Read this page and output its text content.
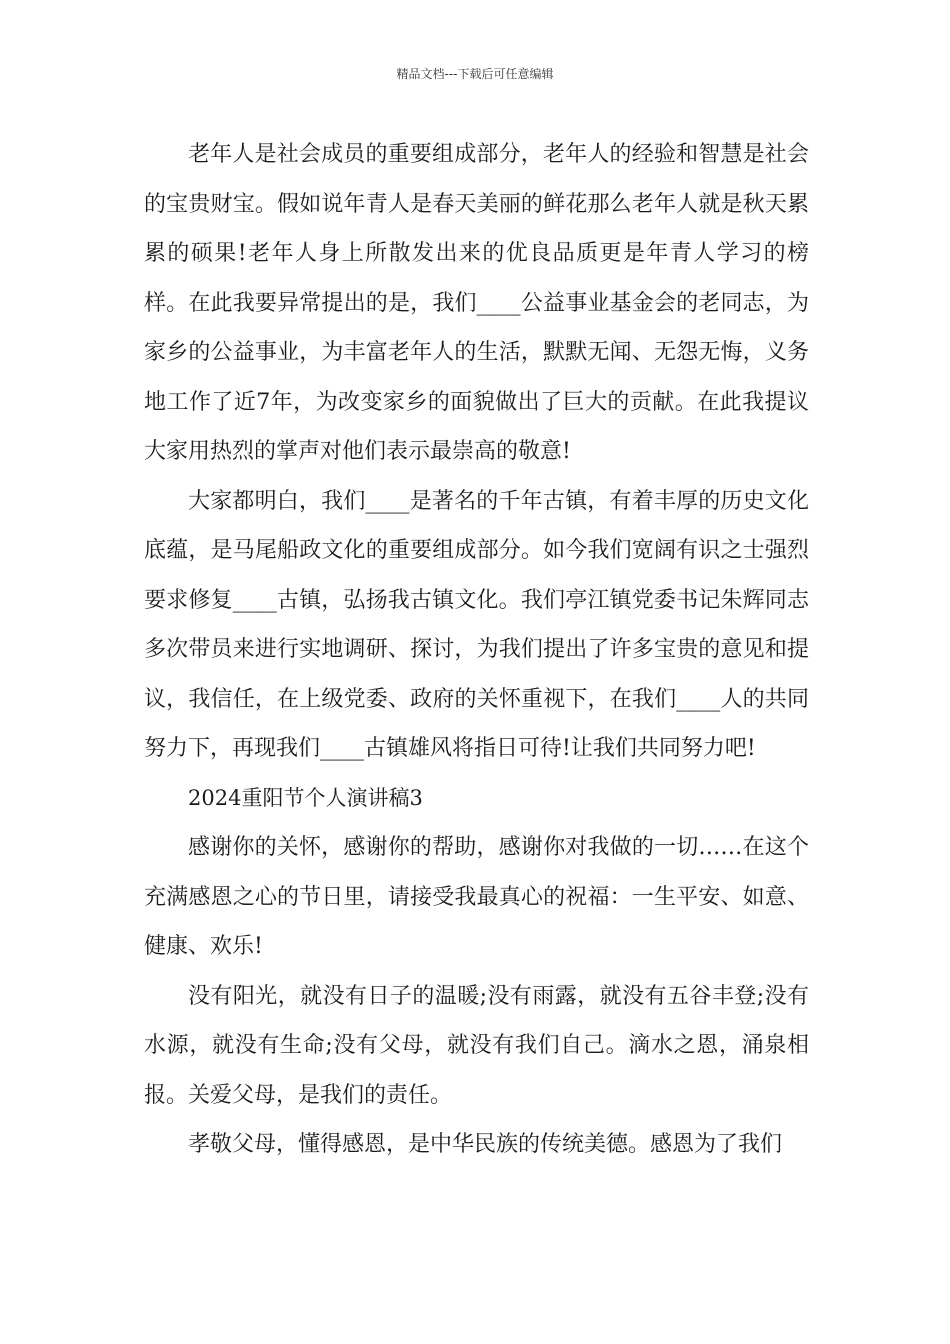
精品文档---下载后可任意编辑

老年人是社会成员的重要组成部分，老年人的经验和智慧是社会的宝贵财宝。假如说年青人是春天美丽的鲜花那么老年人就是秋天累累的硕果!老年人身上所散发出来的优良品质更是年青人学习的榜样。在此我要异常提出的是，我们____公益事业基金会的老同志，为家乡的公益事业，为丰富老年人的生活，默默无闻、无怨无悔，义务地工作了近7年，为改变家乡的面貌做出了巨大的贡献。在此我提议大家用热烈的掌声对他们表示最崇高的敬意!

大家都明白，我们____是著名的千年古镇，有着丰厚的历史文化底蕴，是马尾船政文化的重要组成部分。如今我们宽阔有识之士强烈要求修复____古镇，弘扬我古镇文化。我们亭江镇党委书记朱辉同志多次带员来进行实地调研、探讨，为我们提出了许多宝贵的意见和提议，我信任，在上级党委、政府的关怀重视下，在我们____人的共同努力下，再现我们____古镇雄风将指日可待!让我们共同努力吧!

2024重阳节个人演讲稿3

感谢你的关怀，感谢你的帮助，感谢你对我做的一切……在这个充满感恩之心的节日里，请接受我最真心的祝福：一生平安、如意、健康、欢乐!

没有阳光，就没有日子的温暖;没有雨露，就没有五谷丰登;没有水源，就没有生命;没有父母，就没有我们自己。滴水之恩，涌泉相报。关爱父母，是我们的责任。

孝敬父母，懂得感恩，是中华民族的传统美德。感恩为了我们
